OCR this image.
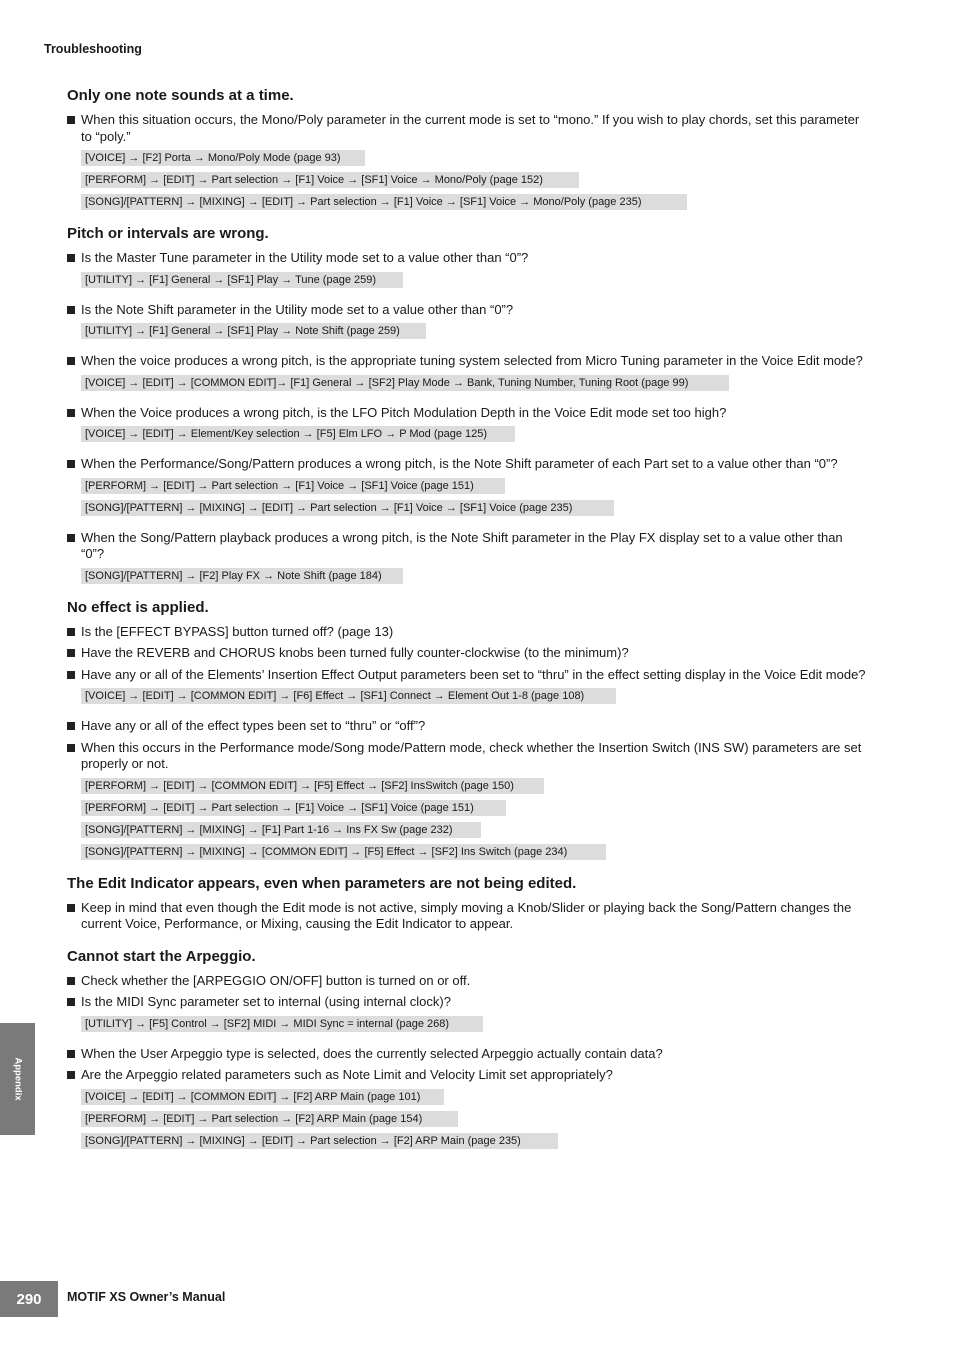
Troubleshooting
Only one note sounds at a time.

When this situation occurs, the Mono/Poly parameter in the current mode is set to “mono.” If you wish to play chords, set this parameter to “poly.”

[VOICE] → [F2] Porta → Mono/Poly Mode (page 93)
[PERFORM] → [EDIT] → Part selection → [F1] Voice → [SF1] Voice → Mono/Poly (page 152)
[SONG]/[PATTERN] → [MIXING] → [EDIT] → Part selection → [F1] Voice → [SF1] Voice → Mono/Poly (page 235)
Pitch or intervals are wrong.

Is the Master Tune parameter in the Utility mode set to a value other than “0”?

[UTILITY] → [F1] General → [SF1] Play → Tune (page 259)

Is the Note Shift parameter in the Utility mode set to a value other than “0”?

[UTILITY] → [F1] General → [SF1] Play → Note Shift (page 259)

When the voice produces a wrong pitch, is the appropriate tuning system selected from Micro Tuning parameter in the Voice Edit mode?

[VOICE] → [EDIT] → [COMMON EDIT]→ [F1] General → [SF2] Play Mode → Bank, Tuning Number, Tuning Root (page 99)

When the Voice produces a wrong pitch, is the LFO Pitch Modulation Depth in the Voice Edit mode set too high?

[VOICE] → [EDIT] → Element/Key selection → [F5] Elm LFO → P Mod (page 125)

When the Performance/Song/Pattern produces a wrong pitch, is the Note Shift parameter of each Part set to a value other than “0”?

[PERFORM] → [EDIT] → Part selection → [F1] Voice → [SF1] Voice (page 151)
[SONG]/[PATTERN] → [MIXING] → [EDIT] → Part selection → [F1] Voice → [SF1] Voice (page 235)

When the Song/Pattern playback produces a wrong pitch, is the Note Shift parameter in the Play FX display set to a value other than “0”?

[SONG]/[PATTERN] → [F2] Play FX → Note Shift (page 184)
No effect is applied.

Is the [EFFECT BYPASS] button turned off? (page 13)

Have the REVERB and CHORUS knobs been turned fully counter-clockwise (to the minimum)?

Have any or all of the Elements’ Insertion Effect Output parameters been set to “thru” in the effect setting display in the Voice Edit mode?

[VOICE] → [EDIT] → [COMMON EDIT] → [F6] Effect → [SF1] Connect → Element Out 1-8 (page 108)

Have any or all of the effect types been set to “thru” or “off”?

When this occurs in the Performance mode/Song mode/Pattern mode, check whether the Insertion Switch (INS SW) parameters are set properly or not.

[PERFORM] → [EDIT] → [COMMON EDIT] → [F5] Effect → [SF2] InsSwitch (page 150)
[PERFORM] → [EDIT] → Part selection → [F1] Voice → [SF1] Voice (page 151)
[SONG]/[PATTERN] → [MIXING] → [F1] Part 1-16 → Ins FX Sw (page 232)
[SONG]/[PATTERN] → [MIXING] → [COMMON EDIT] → [F5] Effect → [SF2] Ins Switch (page 234)
The Edit Indicator appears, even when parameters are not being edited.

Keep in mind that even though the Edit mode is not active, simply moving a Knob/Slider or playing back the Song/Pattern changes the current Voice, Performance, or Mixing, causing the Edit Indicator to appear.

Cannot start the Arpeggio.

Check whether the [ARPEGGIO ON/OFF] button is turned on or off.

Is the MIDI Sync parameter set to internal (using internal clock)?

[UTILITY] → [F5] Control → [SF2] MIDI → MIDI Sync = internal (page 268)

When the User Arpeggio type is selected, does the currently selected Arpeggio actually contain data?

Are the Arpeggio related parameters such as Note Limit and Velocity Limit set appropriately?

[VOICE] → [EDIT] → [COMMON EDIT] → [F2] ARP Main (page 101)
[PERFORM] → [EDIT] → Part selection → [F2] ARP Main (page 154)
[SONG]/[PATTERN] → [MIXING] → [EDIT] → Part selection → [F2] ARP Main (page 235)
Appendix
290	MOTIF XS Owner’s Manual
